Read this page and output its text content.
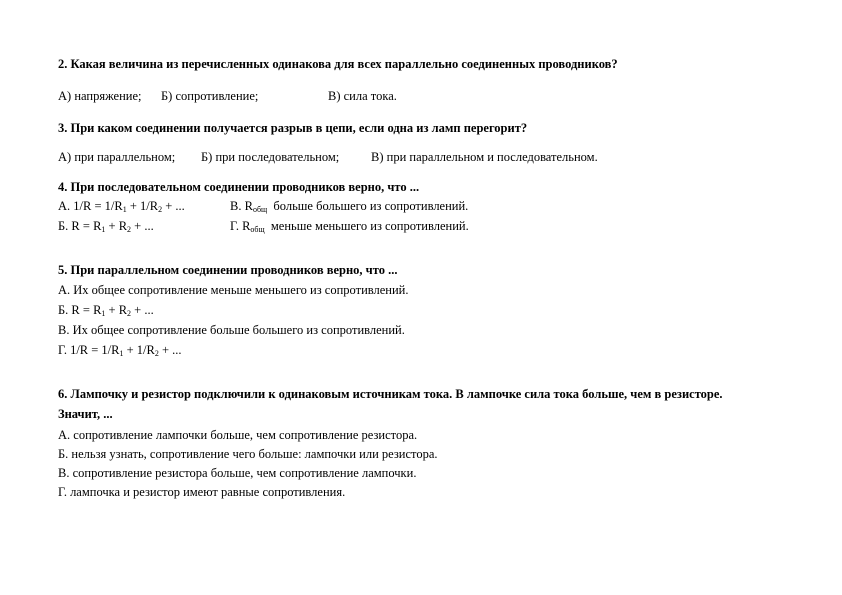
2. Какая величина из перечисленных одинакова для всех параллельно соединенных проводников?
А) напряжение; Б) сопротивление;	В) сила тока.
3. При каком соединении получается разрыв в цепи, если одна из ламп перегорит?
А) при параллельном; Б) при последовательном;	В) при параллельном и последовательном.
4. При последовательном соединении проводников верно, что ...
А. $1/R = 1/R_1 + 1/R_2$ + ...	В. $R_{общ}$  больше большего из сопротивлений.
Б. $R = R_1 + R_2$ + ...	Г. $R_{общ}$  меньше меньшего из сопротивлений.
5. При параллельном соединении проводников верно, что ...
А. Их общее сопротивление меньше меньшего из сопротивлений.
Б. $R = R_1 + R_2$ + ...
В. Их общее сопротивление больше большего из сопротивлений.
Г. $1/R = 1/R_1 + 1/R_2$ + ...
6. Лампочку и резистор подключили к одинаковым источникам тока. В лампочке сила тока больше, чем в резисторе.
Значит, ...
А. сопротивление лампочки больше, чем сопротивление резистора.
Б. нельзя узнать, сопротивление чего больше: лампочки или резистора.
В. сопротивление резистора больше, чем сопротивление лампочки.
Г. лампочка и резистор имеют равные сопротивления.
